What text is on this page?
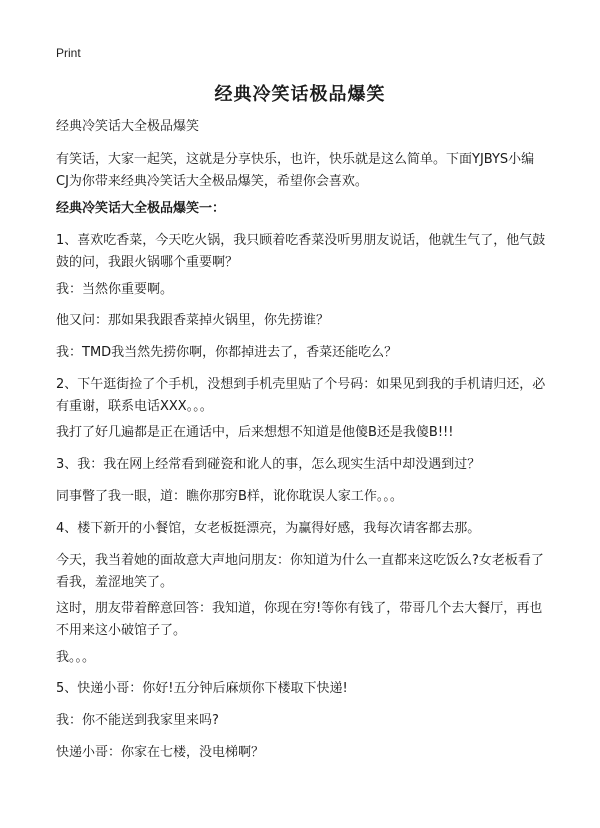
Print
经典冷笑话极品爆笑

经典冷笑话大全极品爆笑

有笑话，大家一起笑，这就是分享快乐，也许，快乐就是这么简单。下面YJBYS小编CJ为你带来经典冷笑话大全极品爆笑，希望你会喜欢。

经典冷笑话大全极品爆笑一：

1、喜欢吃香菜，今天吃火锅，我只顾着吃香菜没听男朋友说话，他就生气了，他气鼓鼓的问，我跟火锅哪个重要啊？

我：当然你重要啊。

他又问：那如果我跟香菜掉火锅里，你先捞谁？

我：TMD我当然先捞你啊，你都掉进去了，香菜还能吃么？

2、下午逛街捡了个手机，没想到手机壳里贴了个号码：如果见到我的手机请归还，必有重谢，联系电话XXX。。。

我打了好几遍都是正在通话中，后来想想不知道是他傻B还是我傻B!!!

3、我：我在网上经常看到碰瓷和讹人的事，怎么现实生活中却没遇到过？

同事瞥了我一眼，道：瞧你那穷B样，讹你耽误人家工作。。。

4、楼下新开的小餐馆，女老板挺漂亮，为赢得好感，我每次请客都去那。

今天，我当着她的面故意大声地问朋友：你知道为什么一直都来这吃饭么?女老板看了看我，羞涩地笑了。

这时，朋友带着醉意回答：我知道，你现在穷!等你有钱了，带哥几个去大餐厅，再也不用来这小破馆子了。

我。。。

5、快递小哥：你好!五分钟后麻烦你下楼取下快递!

我：你不能送到我家里来吗?

快递小哥：你家在七楼，没电梯啊？
